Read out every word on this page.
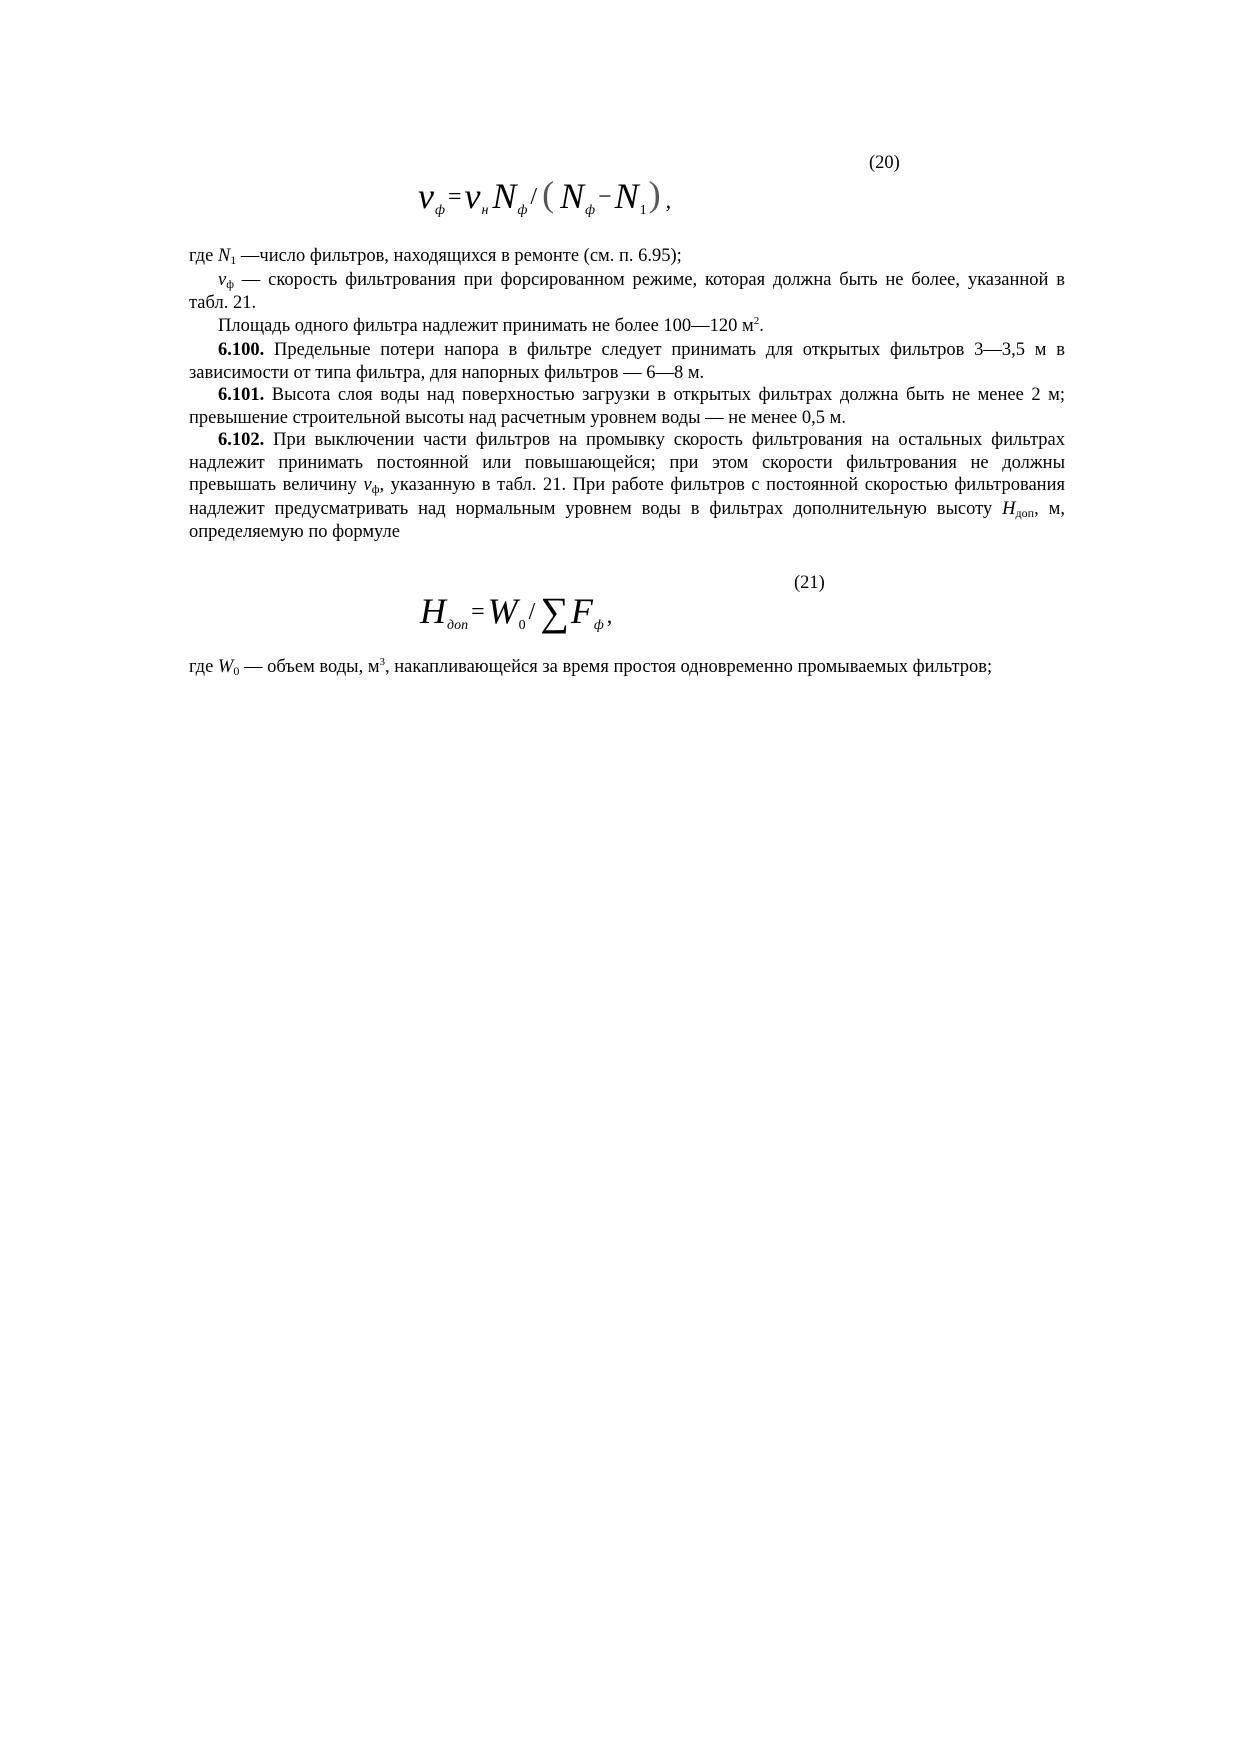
(20)
vф=vн Nф/ ( Nф−N1) ,

где N1 —число фильтров, находящихся в ремонте (см. п. 6.95);

vф — скорость фильтрования при форсированном режиме, которая должна быть не более, указанной в табл. 21.

Площадь одного фильтра надлежит принимать не более 100—120 $м^2$.

6.100. Предельные потери напора в фильтре следует принимать для открытых фильтров 3—3,5 м в зависимости от типа фильтра, для напорных фильтров — 6—8 м.

6.101. Высота слоя воды над поверхностью загрузки в открытых фильтрах должна быть не менее 2 м; превышение строительной высоты над расчетным уровнем воды — не менее 0,5 м.

6.102. При выключении части фильтров на промывку скорость фильтрования на остальных фильтрах надлежит принимать постоянной или повышающейся; при этом скорости фильтрования не должны превышать величину vф, указанную в табл. 21. При работе фильтров с постоянной скоростью фильтрования надлежит предусматривать над нормальным уровнем воды в фильтрах дополнительную высоту Hдоп, м, определяемую по формуле

(21)
Hдоп=W0/ ∑Fф ,

где W0 — объем воды, $м^3$, накапливающейся за время простоя одновременно промываемых фильтров;
